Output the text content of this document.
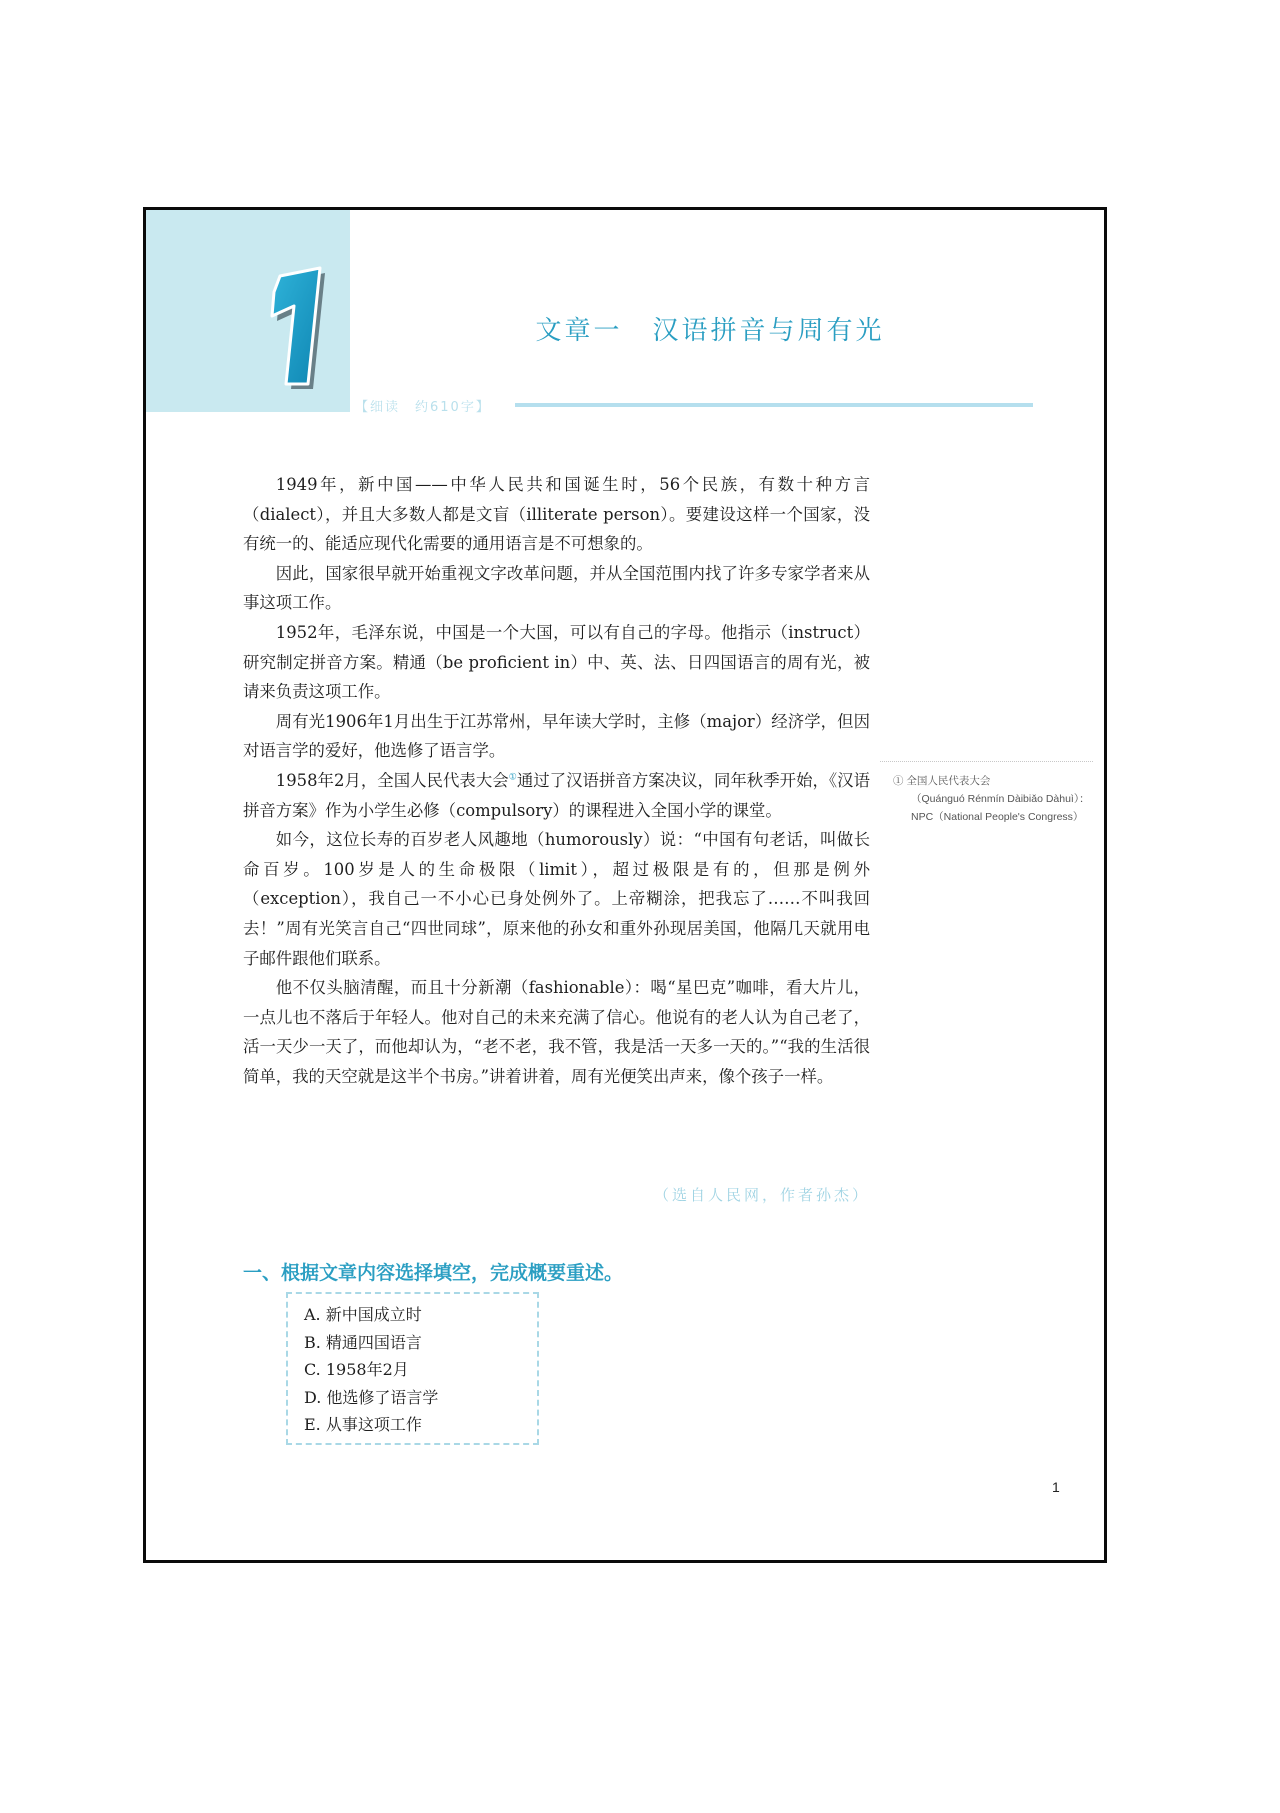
文章一 汉语拼音与周有光
【细读　约610字】

1949年，新中国——中华人民共和国诞生时，56个民族，有数十种方言（dialect），并且大多数人都是文盲（illiterate person）。要建设这样一个国家，没有统一的、能适应现代化需要的通用语言是不可想象的。

因此，国家很早就开始重视文字改革问题，并从全国范围内找了许多专家学者来从事这项工作。

1952年，毛泽东说，中国是一个大国，可以有自己的字母。他指示（instruct）研究制定拼音方案。精通（be proficient in）中、英、法、日四国语言的周有光，被请来负责这项工作。

周有光1906年1月出生于江苏常州，早年读大学时，主修（major）经济学，但因对语言学的爱好，他选修了语言学。

1958年2月，全国人民代表大会①通过了汉语拼音方案决议，同年秋季开始，《汉语拼音方案》作为小学生必修（compulsory）的课程进入全国小学的课堂。

如今，这位长寿的百岁老人风趣地（humorously）说：“中国有句老话，叫做长命百岁。100岁是人的生命极限（limit），超过极限是有的，但那是例外（exception），我自己一不小心已身处例外了。上帝糊涂，把我忘了……不叫我回去！”周有光笑言自己“四世同球”，原来他的孙女和重外孙现居美国，他隔几天就用电子邮件跟他们联系。

他不仅头脑清醒，而且十分新潮（fashionable）：喝“星巴克”咖啡，看大片儿，一点儿也不落后于年轻人。他对自己的未来充满了信心。他说有的老人认为自己老了，活一天少一天了，而他却认为，“老不老，我不管，我是活一天多一天的。”“我的生活很简单，我的天空就是这半个书房。”讲着讲着，周有光便笑出声来，像个孩子一样。

① 全国人民代表大会
（Quánguó Rénmín Dàibiǎo Dàhuì）：NPC（National People's Congress）
（选自人民网，作者孙杰）
一、根据文章内容选择填空，完成概要重述。
A. 新中国成立时
B. 精通四国语言
C. 1958年2月
D. 他选修了语言学
E. 从事这项工作
1
